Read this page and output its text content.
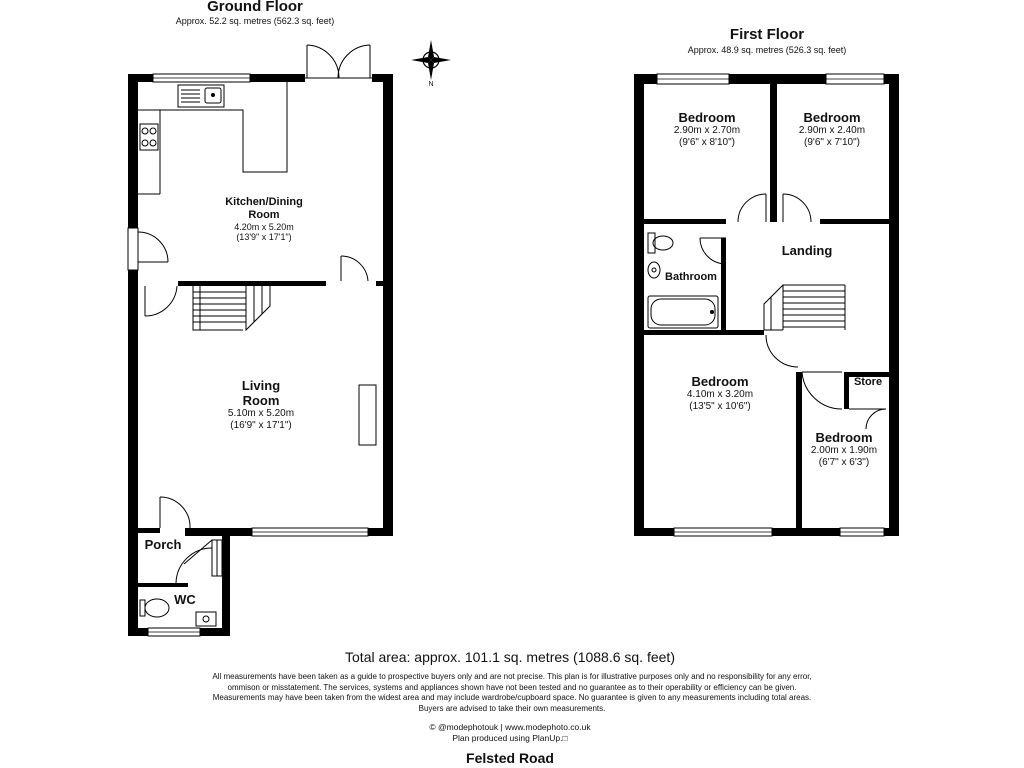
Ground Floor
Approx. 52.2 sq. metres (562.3 sq. feet)
First Floor
Approx. 48.9 sq. metres (526.3 sq. feet)
N
Kitchen/Dining
Room
4.20m x 5.20m
(13'9" x 17'1")
Living
Room
5.10m x 5.20m
(16'9" x 17'1")
Porch
WC
Bedroom
2.90m x 2.70m
(9'6" x 8'10")
Bedroom
2.90m x 2.40m
(9'6" x 7'10")
Landing
Bathroom
Bedroom
4.10m x 3.20m
(13'5" x 10'6")
Store
Bedroom
2.00m x 1.90m
(6'7" x 6'3")
Total area: approx. 101.1 sq. metres (1088.6 sq. feet)
All measurements have been taken as a guide to prospective buyers only and are not precise. This plan is for illustrative purposes only and no responsibility for any error,
ommison or misstatement. The services, systems and appliances shown have not been tested and no guarantee as to their operability or efficiency can be given.
Measurements may have been taken from the widest area and may include wardrobe/cupboard space. No guarantee is given to any measurements including total areas.
Buyers are advised to take their own measurements.
© @modephotouk | www.modephoto.co.uk
Plan produced using PlanUp.□
Felsted Road
